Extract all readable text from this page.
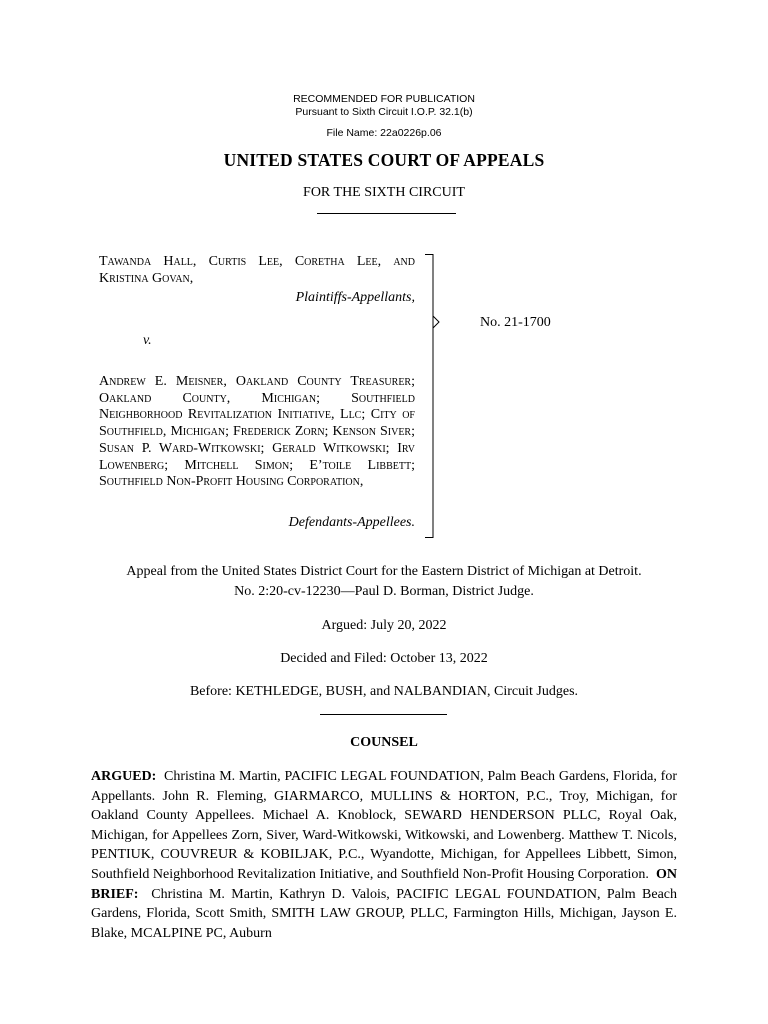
RECOMMENDED FOR PUBLICATION
Pursuant to Sixth Circuit I.O.P. 32.1(b)
File Name: 22a0226p.06
UNITED STATES COURT OF APPEALS
FOR THE SIXTH CIRCUIT
Tawanda Hall, Curtis Lee, Coretha Lee, and Kristina Govan,
Plaintiffs-Appellants,
v.
Andrew E. Meisner, Oakland County Treasurer; Oakland County, Michigan; Southfield Neighborhood Revitalization Initiative, Llc; City of Southfield, Michigan; Frederick Zorn; Kenson Siver; Susan P. Ward-Witkowski; Gerald Witkowski; Irv Lowenberg; Mitchell Simon; E’toile Libbett; Southfield Non-Profit Housing Corporation,
Defendants-Appellees.
No. 21-1700
Appeal from the United States District Court for the Eastern District of Michigan at Detroit.
No. 2:20-cv-12230—Paul D. Borman, District Judge.
Argued: July 20, 2022
Decided and Filed: October 13, 2022
Before: KETHLEDGE, BUSH, and NALBANDIAN, Circuit Judges.
COUNSEL
ARGUED: Christina M. Martin, PACIFIC LEGAL FOUNDATION, Palm Beach Gardens, Florida, for Appellants. John R. Fleming, GIARMARCO, MULLINS & HORTON, P.C., Troy, Michigan, for Oakland County Appellees. Michael A. Knoblock, SEWARD HENDERSON PLLC, Royal Oak, Michigan, for Appellees Zorn, Siver, Ward-Witkowski, Witkowski, and Lowenberg. Matthew T. Nicols, PENTIUK, COUVREUR & KOBILJAK, P.C., Wyandotte, Michigan, for Appellees Libbett, Simon, Southfield Neighborhood Revitalization Initiative, and Southfield Non-Profit Housing Corporation. ON BRIEF: Christina M. Martin, Kathryn D. Valois, PACIFIC LEGAL FOUNDATION, Palm Beach Gardens, Florida, Scott Smith, SMITH LAW GROUP, PLLC, Farmington Hills, Michigan, Jayson E. Blake, MCALPINE PC, Auburn
